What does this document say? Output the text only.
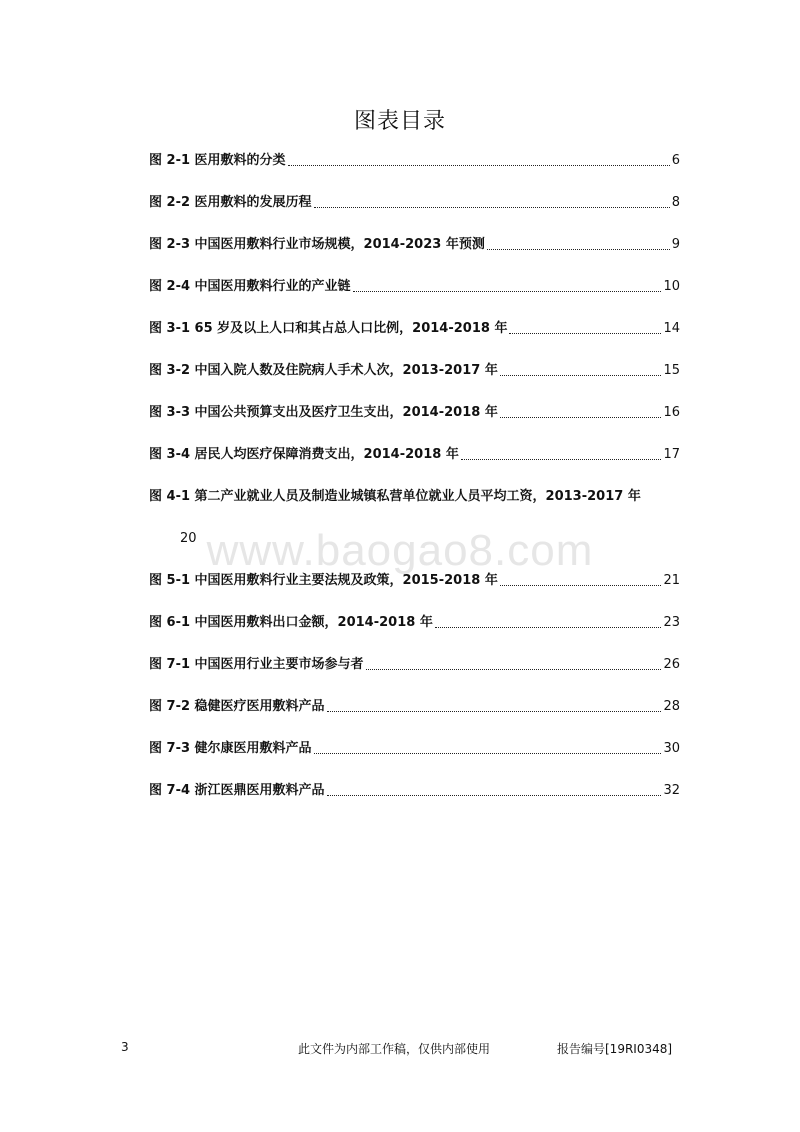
图表目录
www.baogao8.com
图 2-1 医用敷料的分类	6
图 2-2 医用敷料的发展历程	8
图 2-3 中国医用敷料行业市场规模，2014-2023 年预测	9
图 2-4 中国医用敷料行业的产业链	10
图 3-1 65 岁及以上人口和其占总人口比例，2014-2018 年	14
图 3-2 中国入院人数及住院病人手术人次，2013-2017 年	15
图 3-3 中国公共预算支出及医疗卫生支出，2014-2018 年	16
图 3-4 居民人均医疗保障消费支出，2014-2018 年	17
图 4-1 第二产业就业人员及制造业城镇私营单位就业人员平均工资，2013-2017 年
20
图 5-1 中国医用敷料行业主要法规及政策，2015-2018 年	21
图 6-1 中国医用敷料出口金额，2014-2018 年	23
图 7-1 中国医用行业主要市场参与者	26
图 7-2 稳健医疗医用敷料产品	28
图 7-3 健尔康医用敷料产品	30
图 7-4 浙江医鼎医用敷料产品	32
3	此文件为内部工作稿，仅供内部使用	报告编号[19RI0348]
